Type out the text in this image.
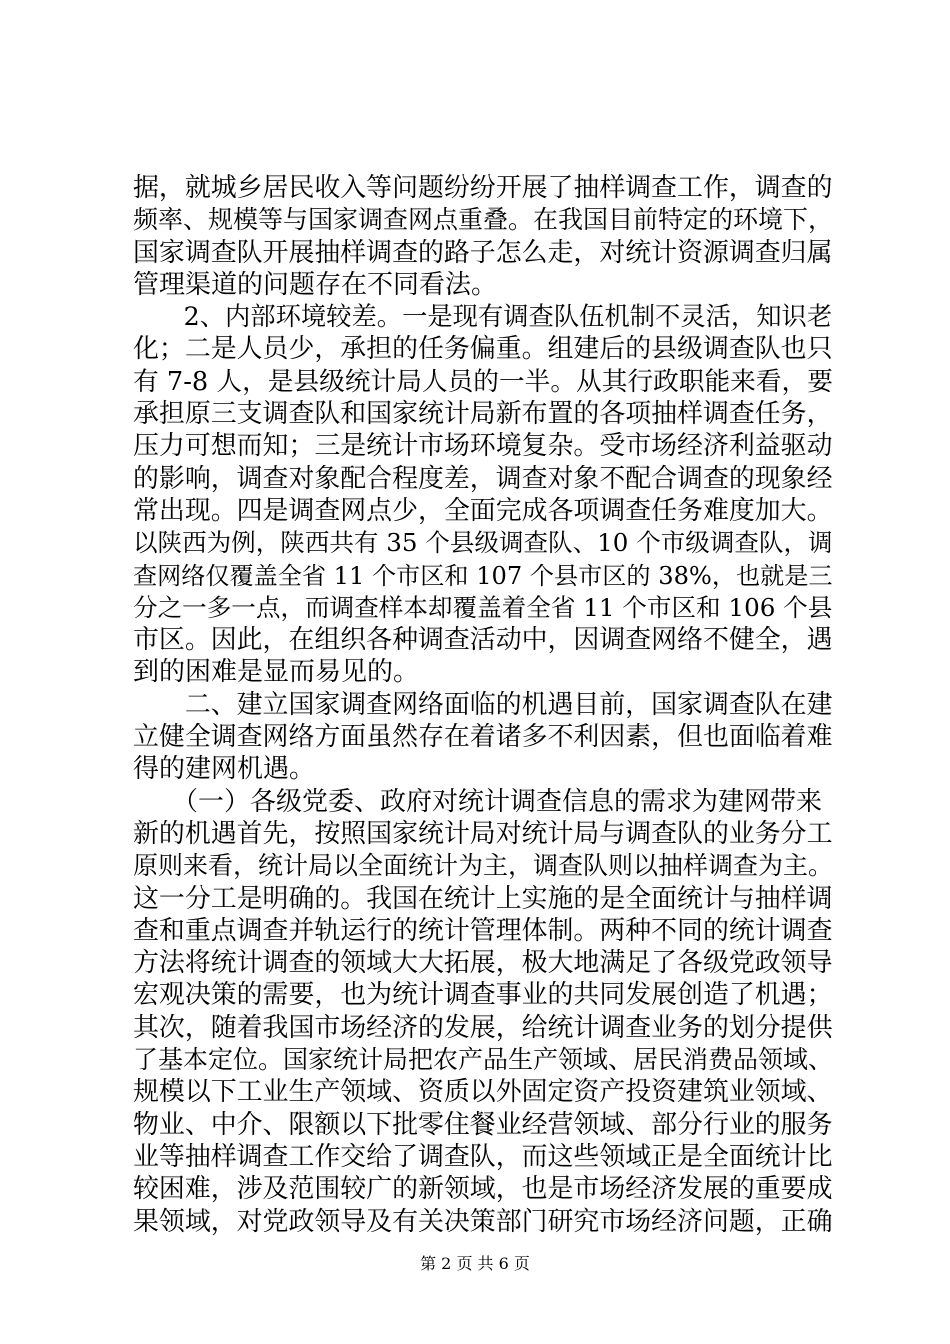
据，就城乡居民收入等问题纷纷开展了抽样调查工作，调查的
频率、规模等与国家调查网点重叠。在我国目前特定的环境下，
国家调查队开展抽样调查的路子怎么走，对统计资源调查归属
管理渠道的问题存在不同看法。
　　2、内部环境较差。一是现有调查队伍机制不灵活，知识老
化；二是人员少，承担的任务偏重。组建后的县级调查队也只
有 7-8 人，是县级统计局人员的一半。从其行政职能来看，要
承担原三支调查队和国家统计局新布置的各项抽样调查任务，
压力可想而知；三是统计市场环境复杂。受市场经济利益驱动
的影响，调查对象配合程度差，调查对象不配合调查的现象经
常出现。四是调查网点少，全面完成各项调查任务难度加大。
以陕西为例，陕西共有 35 个县级调查队、10 个市级调查队，调
查网络仅覆盖全省 11 个市区和 107 个县市区的 38%，也就是三
分之一多一点，而调查样本却覆盖着全省 11 个市区和 106 个县
市区。因此，在组织各种调查活动中，因调查网络不健全，遇
到的困难是显而易见的。
　　二、建立国家调查网络面临的机遇目前，国家调查队在建
立健全调查网络方面虽然存在着诸多不利因素，但也面临着难
得的建网机遇。
　　（一）各级党委、政府对统计调查信息的需求为建网带来
新的机遇首先，按照国家统计局对统计局与调查队的业务分工
原则来看，统计局以全面统计为主，调查队则以抽样调查为主。
这一分工是明确的。我国在统计上实施的是全面统计与抽样调
查和重点调查并轨运行的统计管理体制。两种不同的统计调查
方法将统计调查的领域大大拓展，极大地满足了各级党政领导
宏观决策的需要，也为统计调查事业的共同发展创造了机遇；
其次，随着我国市场经济的发展，给统计调查业务的划分提供
了基本定位。国家统计局把农产品生产领域、居民消费品领域、
规模以下工业生产领域、资质以外固定资产投资建筑业领域、
物业、中介、限额以下批零住餐业经营领域、部分行业的服务
业等抽样调查工作交给了调查队，而这些领域正是全面统计比
较困难，涉及范围较广的新领域，也是市场经济发展的重要成
果领域，对党政领导及有关决策部门研究市场经济问题，正确
第 2 页 共 6 页
